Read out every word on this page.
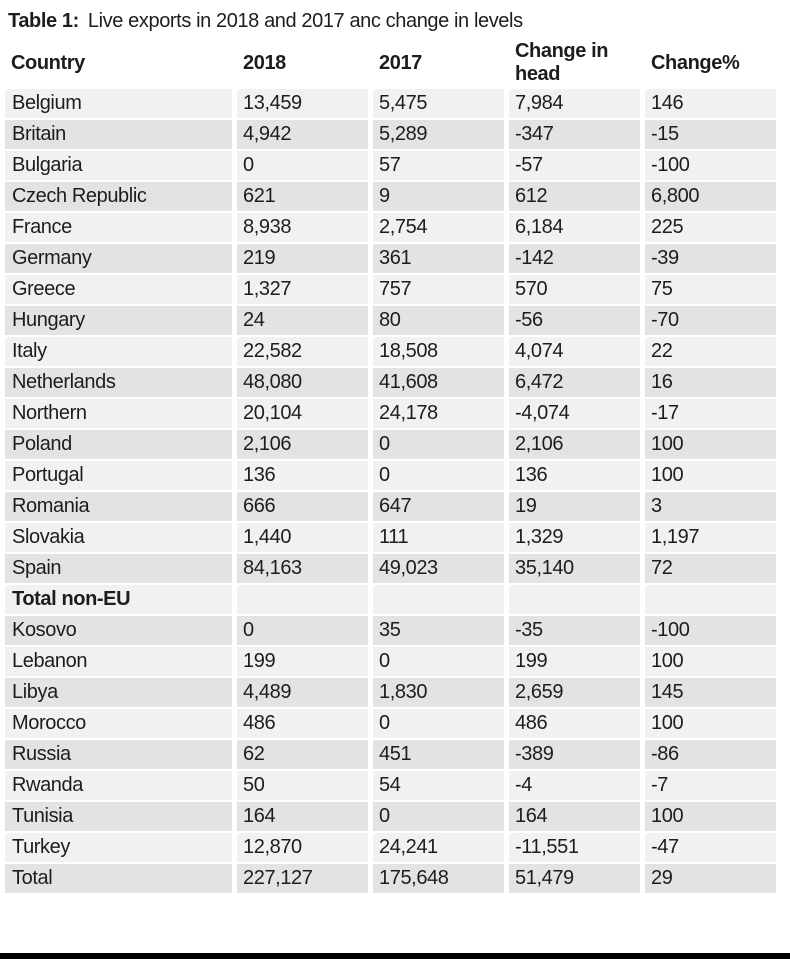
Table 1: Live exports in 2018 and 2017 anc change in levels
Country	2018	2017	Change in head	Change%
Belgium	13,459	5,475	7,984	146
Britain	4,942	5,289	-347	-15
Bulgaria	0	57	-57	-100
Czech Republic	621	9	612	6,800
France	8,938	2,754	6,184	225
Germany	219	361	-142	-39
Greece	1,327	757	570	75
Hungary	24	80	-56	-70
Italy	22,582	18,508	4,074	22
Netherlands	48,080	41,608	6,472	16
Northern	20,104	24,178	-4,074	-17
Poland	2,106	0	2,106	100
Portugal	136	0	136	100
Romania	666	647	19	3
Slovakia	1,440	111	1,329	1,197
Spain	84,163	49,023	35,140	72
Total non-EU				
Kosovo	0	35	-35	-100
Lebanon	199	0	199	100
Libya	4,489	1,830	2,659	145
Morocco	486	0	486	100
Russia	62	451	-389	-86
Rwanda	50	54	-4	-7
Tunisia	164	0	164	100
Turkey	12,870	24,241	-11,551	-47
Total	227,127	175,648	51,479	29
